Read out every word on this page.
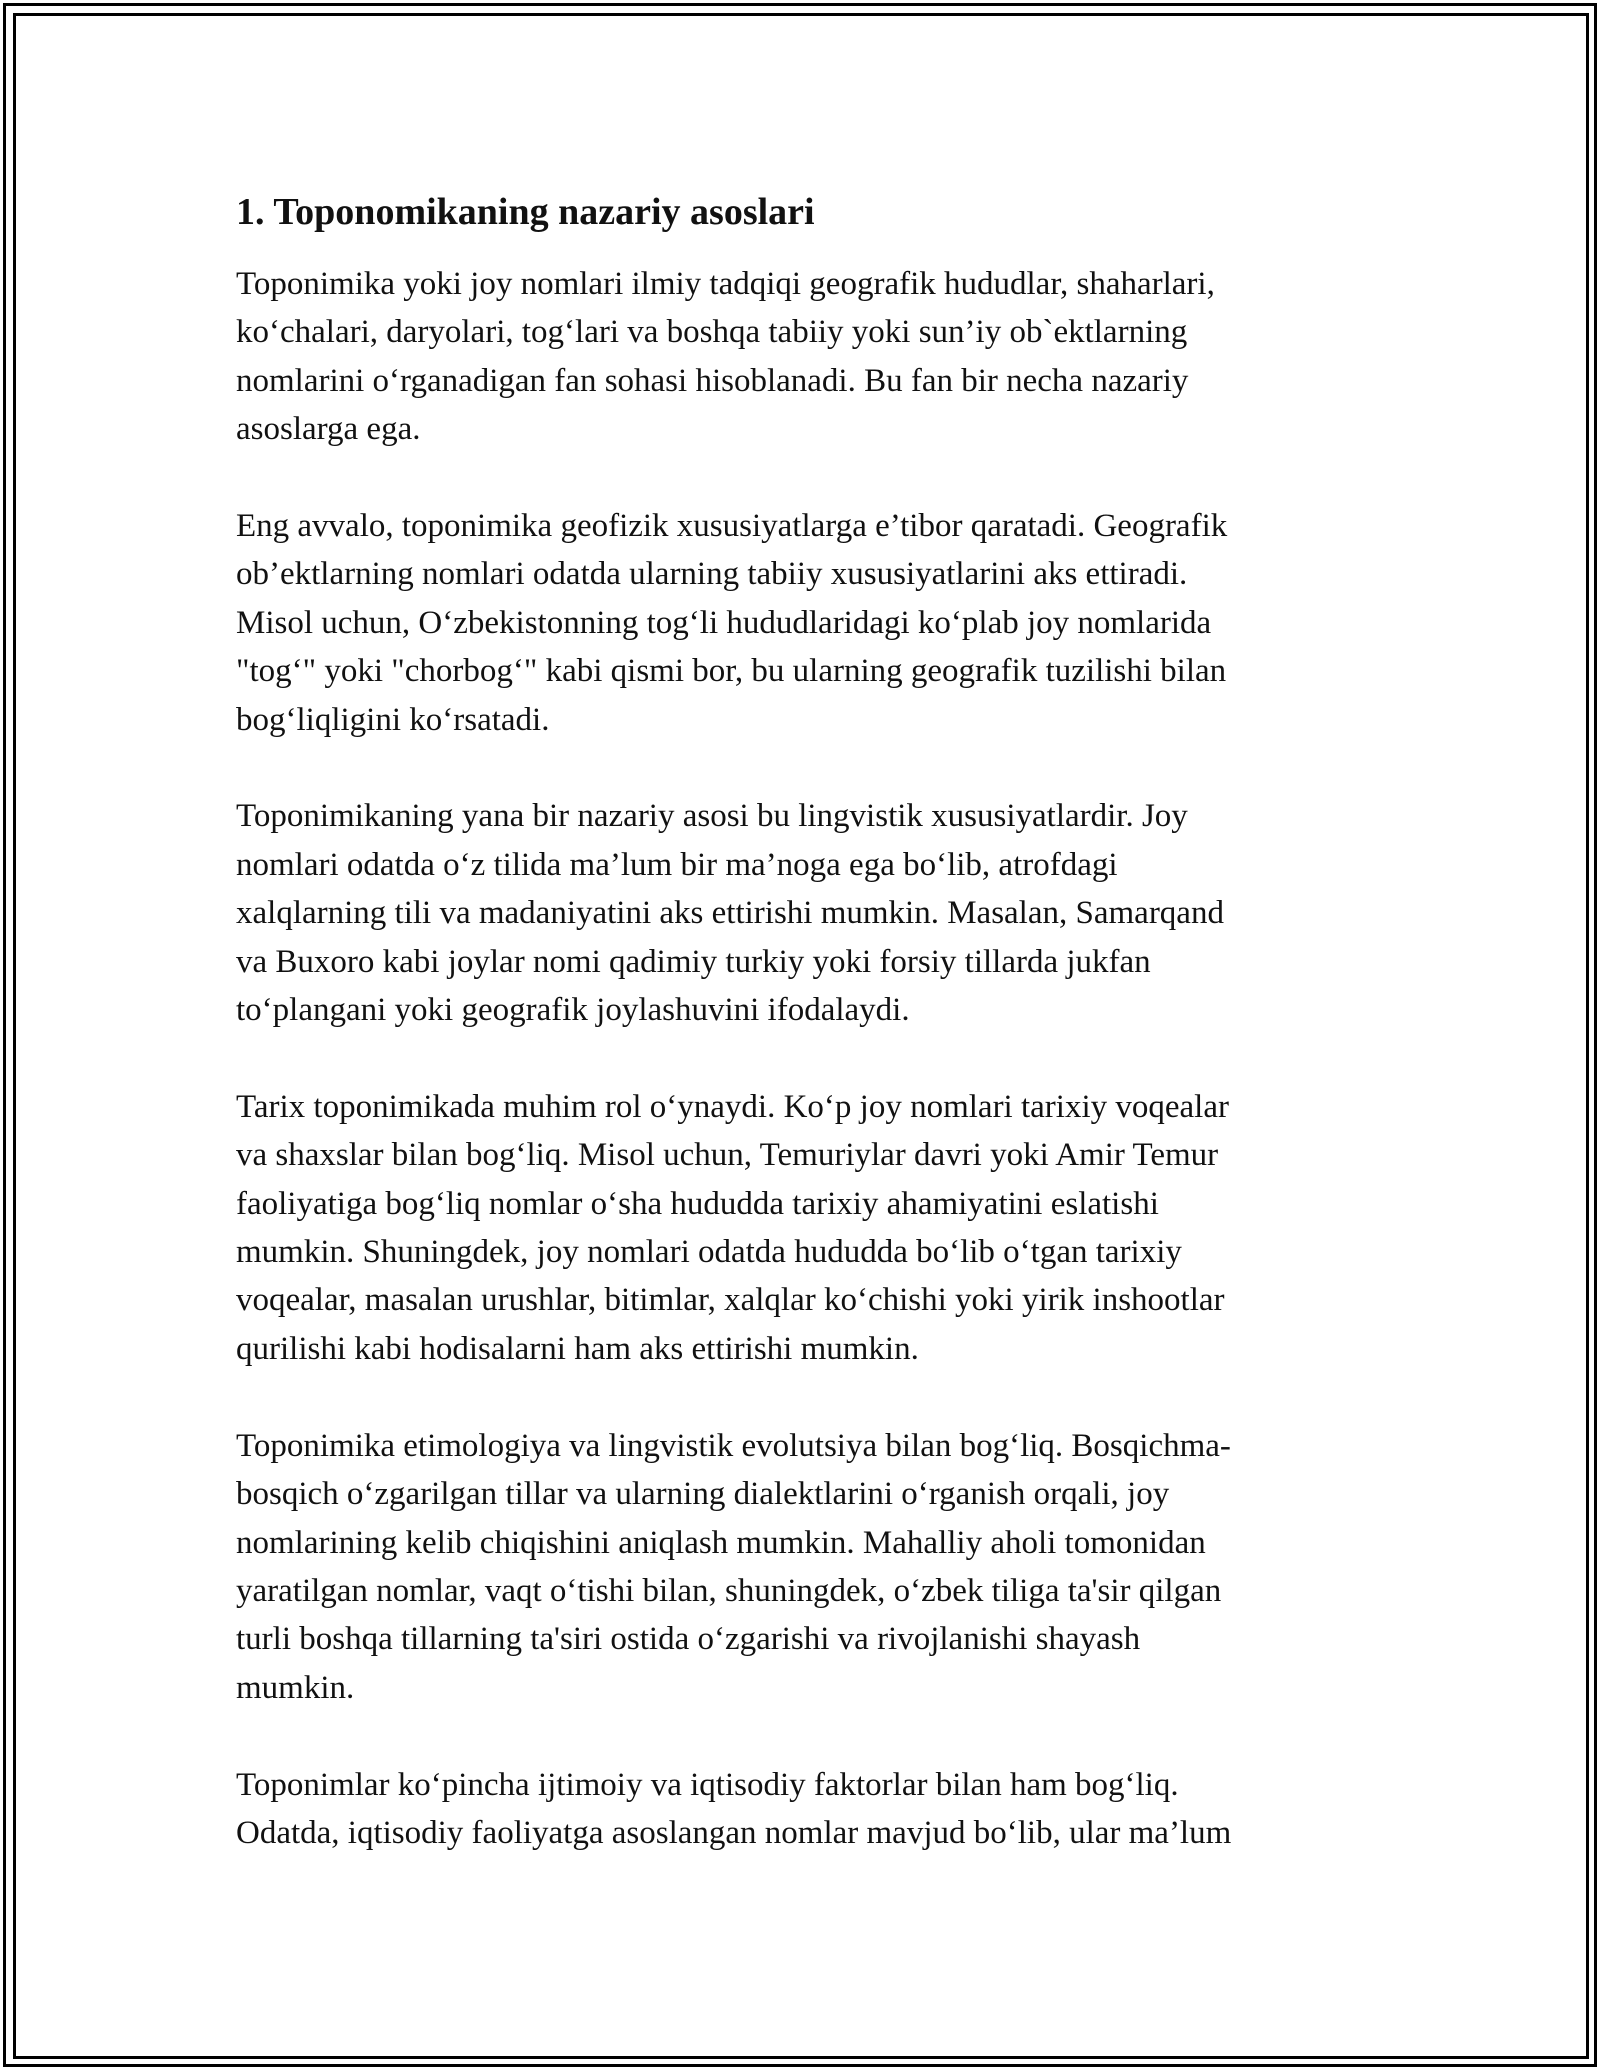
1. Toponomikaning nazariy asoslari

Toponimika yoki joy nomlari ilmiy tadqiqi geografik hududlar, shaharlari,
ko‘chalari, daryolari, tog‘lari va boshqa tabiiy yoki sun’iy ob`ektlarning
nomlarini o‘rganadigan fan sohasi hisoblanadi. Bu fan bir necha nazariy
asoslarga ega.

Eng avvalo, toponimika geofizik xususiyatlarga e’tibor qaratadi. Geografik
ob’ektlarning nomlari odatda ularning tabiiy xususiyatlarini aks ettiradi.
Misol uchun, O‘zbekistonning tog‘li hududlaridagi ko‘plab joy nomlarida
"tog‘" yoki "chorbog‘" kabi qismi bor, bu ularning geografik tuzilishi bilan
bog‘liqligini ko‘rsatadi.

Toponimikaning yana bir nazariy asosi bu lingvistik xususiyatlardir. Joy
nomlari odatda o‘z tilida ma’lum bir ma’noga ega bo‘lib, atrofdagi
xalqlarning tili va madaniyatini aks ettirishi mumkin. Masalan, Samarqand
va Buxoro kabi joylar nomi qadimiy turkiy yoki forsiy tillarda jukfan
to‘plangani yoki geografik joylashuvini ifodalaydi.

Tarix toponimikada muhim rol o‘ynaydi. Ko‘p joy nomlari tarixiy voqealar
va shaxslar bilan bog‘liq. Misol uchun, Temuriylar davri yoki Amir Temur
faoliyatiga bog‘liq nomlar o‘sha hududda tarixiy ahamiyatini eslatishi
mumkin. Shuningdek, joy nomlari odatda hududda bo‘lib o‘tgan tarixiy
voqealar, masalan urushlar, bitimlar, xalqlar ko‘chishi yoki yirik inshootlar
qurilishi kabi hodisalarni ham aks ettirishi mumkin.

Toponimika etimologiya va lingvistik evolutsiya bilan bog‘liq. Bosqichma-
bosqich o‘zgarilgan tillar va ularning dialektlarini o‘rganish orqali, joy
nomlarining kelib chiqishini aniqlash mumkin. Mahalliy aholi tomonidan
yaratilgan nomlar, vaqt o‘tishi bilan, shuningdek, o‘zbek tiliga ta'sir qilgan
turli boshqa tillarning ta'siri ostida o‘zgarishi va rivojlanishi shayash
mumkin.

Toponimlar ko‘pincha ijtimoiy va iqtisodiy faktorlar bilan ham bog‘liq.
Odatda, iqtisodiy faoliyatga asoslangan nomlar mavjud bo‘lib, ular ma’lum
